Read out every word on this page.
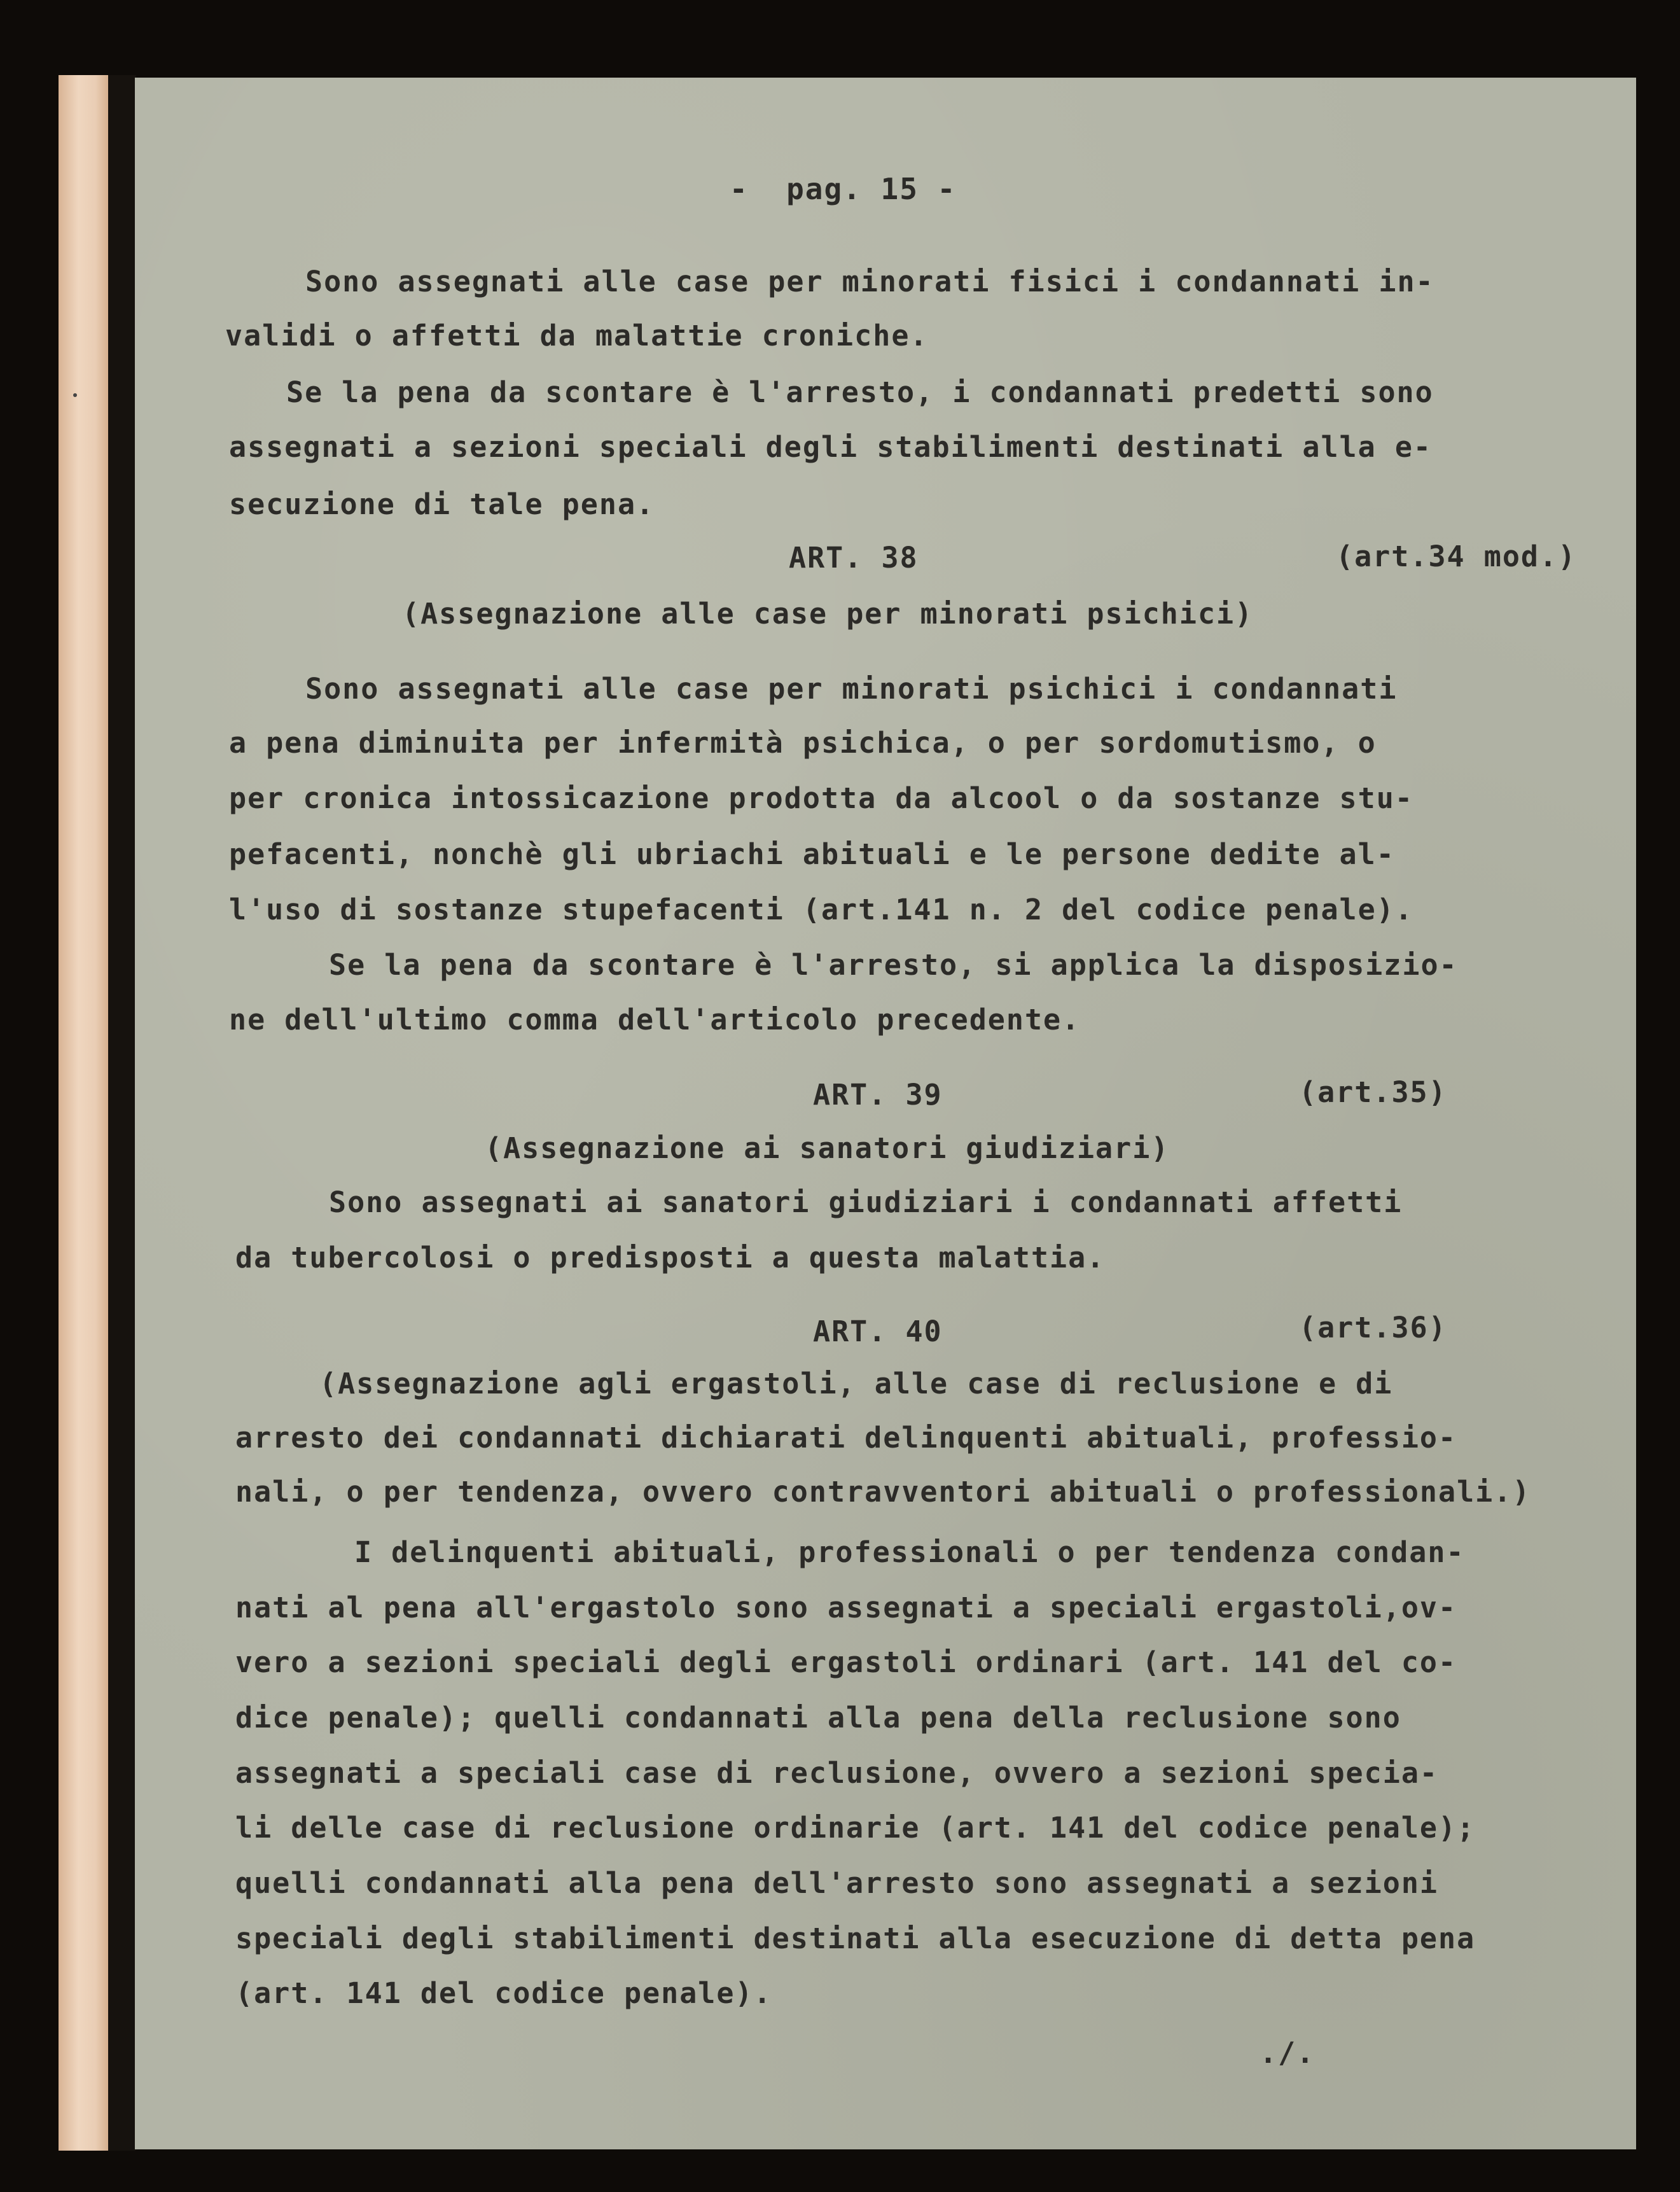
-  pag. 15 -
Sono assegnati alle case per minorati fisici i condannati in-
validi o affetti da malattie croniche.
Se la pena da scontare è l'arresto, i condannati predetti sono
assegnati a sezioni speciali degli stabilimenti destinati alla e-
secuzione di tale pena.
ART. 38	(art.34 mod.)
(Assegnazione alle case per minorati psichici)
Sono assegnati alle case per minorati psichici i condannati
a pena diminuita per infermità psichica, o per sordomutismo, o
per cronica intossicazione prodotta da alcool o da sostanze stu-
pefacenti, nonchè gli ubriachi abituali e le persone dedite al-
l'uso di sostanze stupefacenti (art.141 n. 2 del codice penale).
Se la pena da scontare è l'arresto, si applica la disposizio-
ne dell'ultimo comma dell'articolo precedente.
ART. 39	(art.35)
(Assegnazione ai sanatori giudiziari)
Sono assegnati ai sanatori giudiziari i condannati affetti
da tubercolosi o predisposti a questa malattia.
ART. 40	(art.36)
(Assegnazione agli ergastoli, alle case di reclusione e di
arresto dei condannati dichiarati delinquenti abituali, professio-
nali, o per tendenza, ovvero contravventori abituali o professionali.)
I delinquenti abituali, professionali o per tendenza condan-
nati al pena all'ergastolo sono assegnati a speciali ergastoli,ov-
vero a sezioni speciali degli ergastoli ordinari (art. 141 del co-
dice penale); quelli condannati alla pena della reclusione sono
assegnati a speciali case di reclusione, ovvero a sezioni specia-
li delle case di reclusione ordinarie (art. 141 del codice penale);
quelli condannati alla pena dell'arresto sono assegnati a sezioni
speciali degli stabilimenti destinati alla esecuzione di detta pena
(art. 141 del codice penale).
./.
